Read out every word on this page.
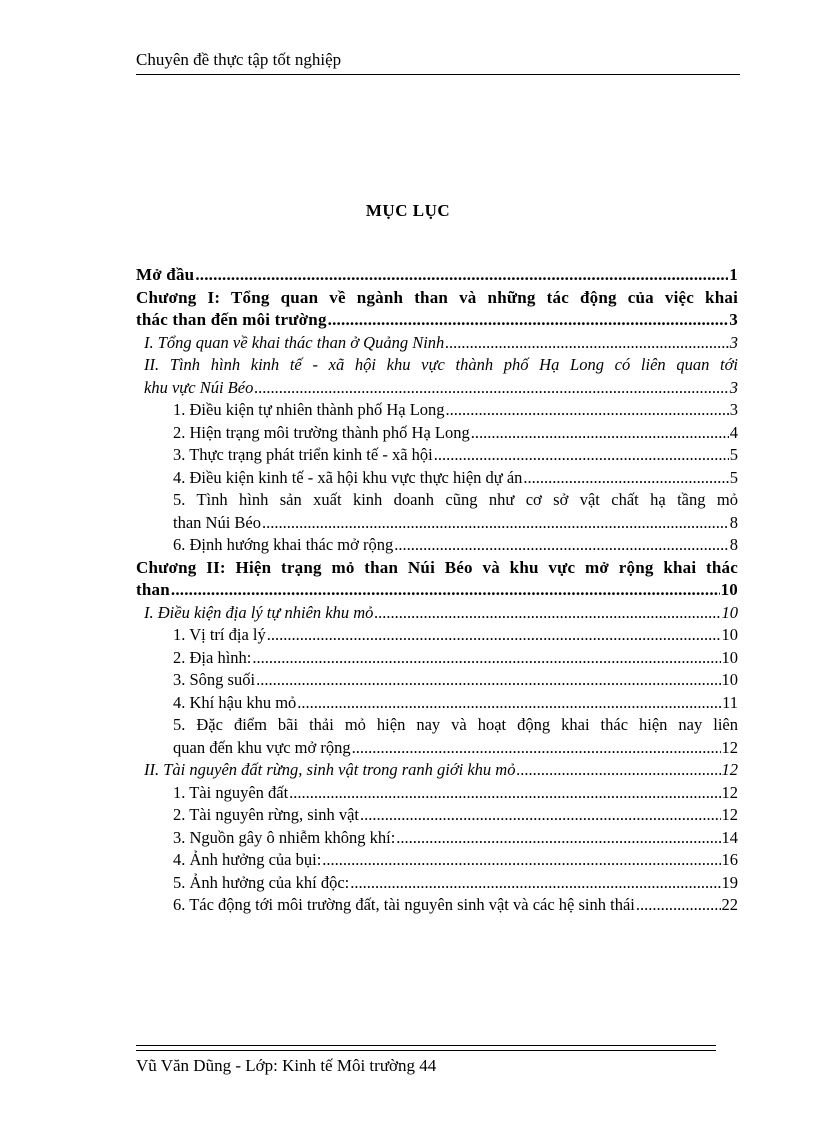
Chuyên đề thực tập tốt nghiệp
MỤC LỤC
Mở đầu .....	1
Chương I: Tổng quan về ngành than và những tác động của việc khai
thác than đến môi trường .....	3
I. Tổng quan về khai thác than ở Quảng Ninh .....	3
II. Tình hình kinh tế - xã hội khu vực thành phố Hạ Long có liên quan tới
khu vực Núi Béo .....	3
1. Điều kiện tự nhiên thành phố Hạ Long .....	3
2. Hiện trạng môi trường thành phố Hạ Long .....	4
3. Thực trạng phát triển kinh tế - xã hội .....	5
4. Điều kiện kinh tế - xã hội khu vực thực hiện dự án .....	5
5. Tình hình sản xuất kinh doanh cũng như cơ sở vật chất hạ tầng mỏ
than Núi Béo .....	8
6. Định hướng khai thác mở rộng .....	8
Chương II: Hiện trạng mỏ than Núi Béo và khu vực mở rộng khai thác
than .....	10
I. Điều kiện địa lý tự nhiên khu mỏ .....	10
1. Vị trí địa lý .....	10
2. Địa hình: .....	10
3. Sông suối .....	10
4. Khí hậu khu mỏ .....	11
5. Đặc điểm bãi thải mỏ hiện nay và hoạt động khai thác hiện nay liên
quan đến khu vực mở rộng .....	12
II. Tài nguyên đất rừng, sinh vật trong ranh giới khu mỏ .....	12
1. Tài nguyên đất .....	12
2. Tài nguyên rừng, sinh vật .....	12
3. Nguồn gây ô nhiễm không khí: .....	14
4. Ảnh hưởng của bụi: .....	16
5. Ảnh hưởng của khí độc: .....	19
6. Tác động tới môi trường đất, tài nguyên sinh vật và các hệ sinh thái .....	22
Vũ Văn Dũng - Lớp: Kinh tế Môi trường 44
